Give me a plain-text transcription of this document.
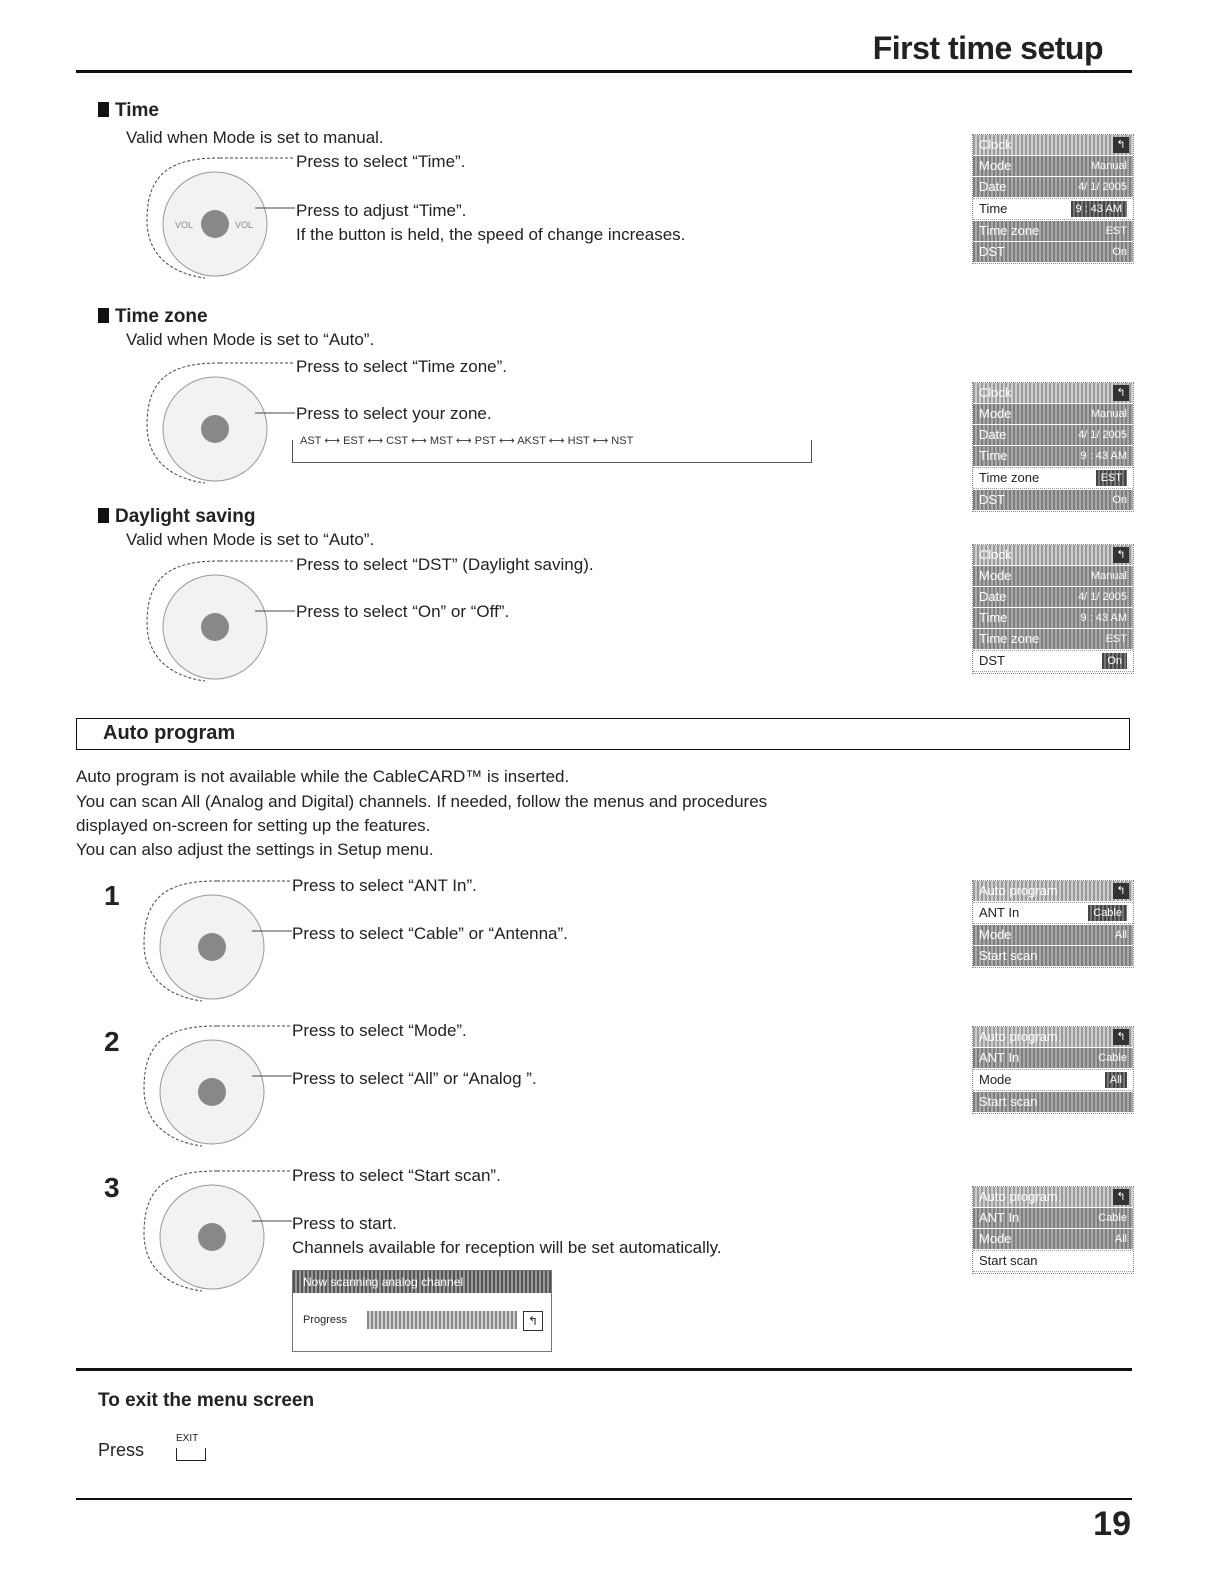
First time setup
Time
Valid when Mode is set to manual.
Press to select “Time”.
Press to adjust “Time”.
If the button is held, the speed of change increases.
VOL	VOL
Clock	↰
Mode	Manual
Date	4/ 1/ 2005
Time	9 : 43 AM
Time zone	EST
DST	On
Time zone
Valid when Mode is set to “Auto”.
Press to select “Time zone”.
Press to select your zone.
AST ⟷ EST ⟷ CST ⟷ MST ⟷ PST ⟷ AKST ⟷ HST ⟷ NST
Clock	↰
Mode	Manual
Date	4/ 1/ 2005
Time	9 : 43 AM
Time zone	EST
DST	On
Daylight saving
Valid when Mode is set to “Auto”.
Press to select “DST” (Daylight saving).
Press to select “On” or “Off”.
Clock	↰
Mode	Manual
Date	4/ 1/ 2005
Time	9 : 43 AM
Time zone	EST
DST	On
Auto program
Auto program is not available while the CableCARD™ is inserted.
You can scan All (Analog and Digital) channels. If needed, follow the menus and procedures
displayed on-screen for setting up the features.
You can also adjust the settings in Setup menu.
1	Press to select “ANT In”.
Press to select “Cable” or “Antenna”.
Auto program	↰
ANT In	Cable
Mode	All
Start scan
2	Press to select “Mode”.
Press to select “All” or “Analog ”.
Auto program	↰
ANT In	Cable
Mode	All
Start scan
3	Press to select “Start scan”.
Press to start.
Channels available for reception will be set automatically.
Auto program	↰
ANT In	Cable
Mode	All
Start scan
Now scanning analog channel
Progress	↰
To exit the menu screen
Press
EXIT
19
